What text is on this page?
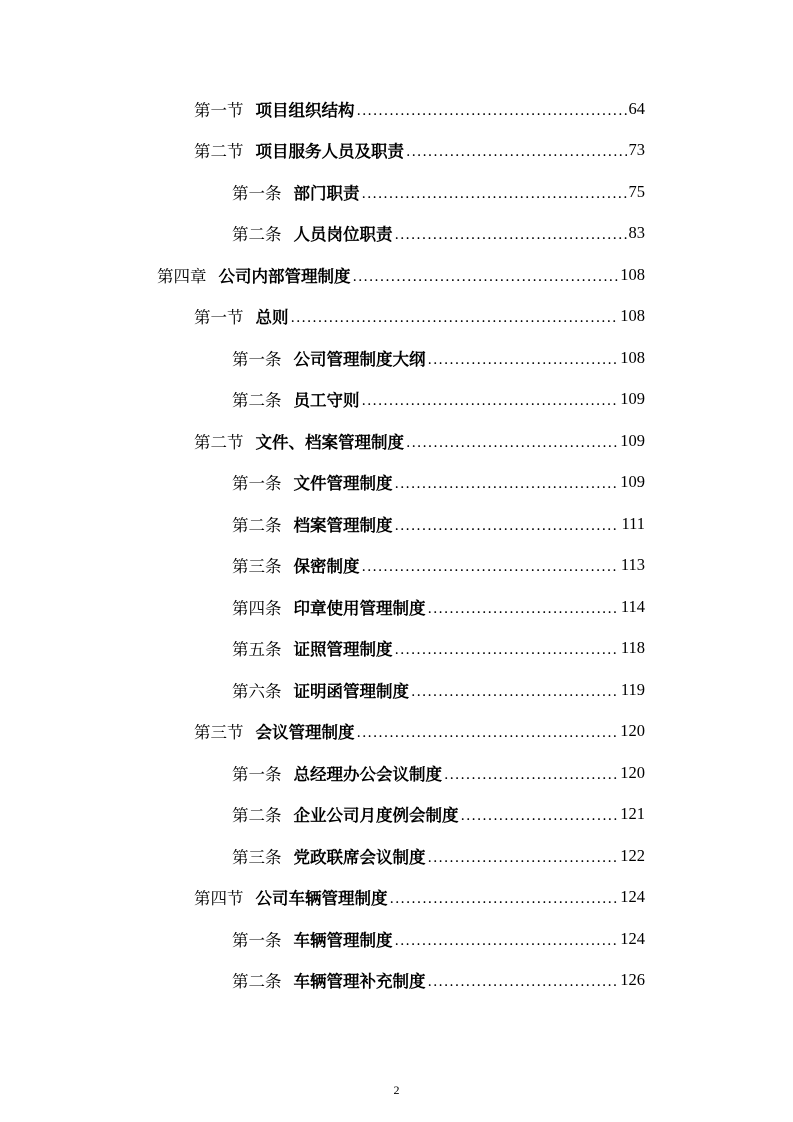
第一节 项目组织结构 .....	64
第二节 项目服务人员及职责 .....	73
第一条 部门职责 .....	75
第二条 人员岗位职责 .....	83
第四章 公司内部管理制度 .....	108
第一节 总则 .....	108
第一条 公司管理制度大纲 .....	108
第二条 员工守则 .....	109
第二节 文件、档案管理制度 .....	109
第一条 文件管理制度 .....	109
第二条 档案管理制度 .....	111
第三条 保密制度 .....	113
第四条 印章使用管理制度 .....	114
第五条 证照管理制度 .....	118
第六条 证明函管理制度 .....	119
第三节 会议管理制度 .....	120
第一条 总经理办公会议制度 .....	120
第二条 企业公司月度例会制度 .....	121
第三条 党政联席会议制度 .....	122
第四节 公司车辆管理制度 .....	124
第一条 车辆管理制度 .....	124
第二条 车辆管理补充制度 .....	126
2
